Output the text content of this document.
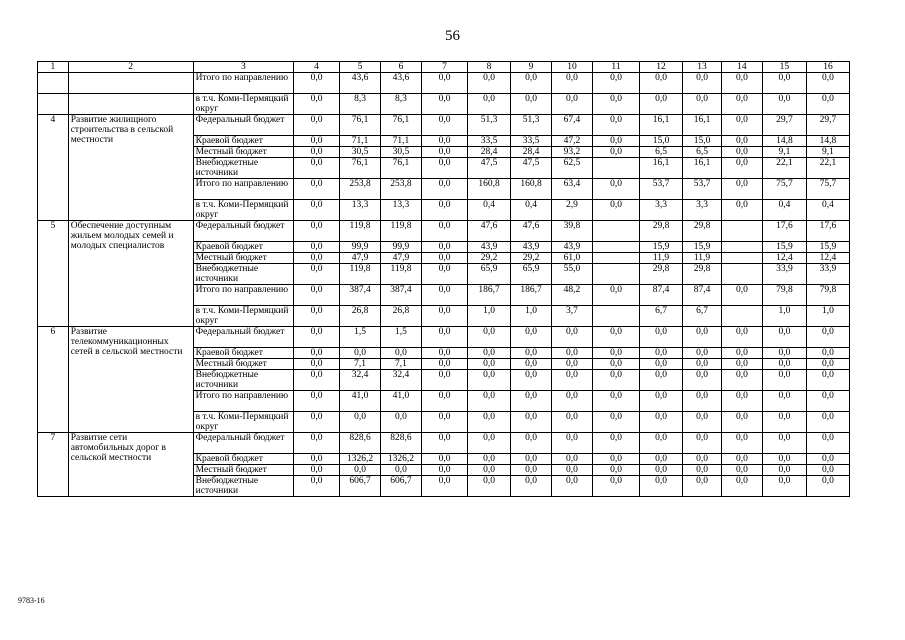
56
1	2	3	4	5	6	7	8	9	10	11	12	13	14	15	16
		Итого по направлению	0,0	43,6	43,6	0,0	0,0	0,0	0,0	0,0	0,0	0,0	0,0	0,0	0,0
		в т.ч. Коми-Пермяцкий округ	0,0	8,3	8,3	0,0	0,0	0,0	0,0	0,0	0,0	0,0	0,0	0,0	0,0
4	Развитие жилищного строительства в сельской местности	Федеральный бюджет	0,0	76,1	76,1	0,0	51,3	51,3	67,4	0,0	16,1	16,1	0,0	29,7	29,7
		Краевой бюджет	0,0	71,1	71,1	0,0	33,5	33,5	47,2	0,0	15,0	15,0	0,0	14,8	14,8
		Местный бюджет	0,0	30,5	30,5	0,0	28,4	28,4	93,2	0,0	6,5	6,5	0,0	9,1	9,1
		Внебюджетные источники	0,0	76,1	76,1	0,0	47,5	47,5	62,5		16,1	16,1	0,0	22,1	22,1
		Итого по направлению	0,0	253,8	253,8	0,0	160,8	160,8	63,4	0,0	53,7	53,7	0,0	75,7	75,7
		в т.ч. Коми-Пермяцкий округ	0,0	13,3	13,3	0,0	0,4	0,4	2,9	0,0	3,3	3,3	0,0	0,4	0,4
5	Обеспечение доступным жильем молодых семей и молодых специалистов	Федеральный бюджет	0,0	119,8	119,8	0,0	47,6	47,6	39,8		29,8	29,8		17,6	17,6
		Краевой бюджет	0,0	99,9	99,9	0,0	43,9	43,9	43,9		15,9	15,9		15,9	15,9
		Местный бюджет	0,0	47,9	47,9	0,0	29,2	29,2	61,0		11,9	11,9		12,4	12,4
		Внебюджетные источники	0,0	119,8	119,8	0,0	65,9	65,9	55,0		29,8	29,8		33,9	33,9
		Итого по направлению	0,0	387,4	387,4	0,0	186,7	186,7	48,2	0,0	87,4	87,4	0,0	79,8	79,8
		в т.ч. Коми-Пермяцкий округ	0,0	26,8	26,8	0,0	1,0	1,0	3,7		6,7	6,7		1,0	1,0
6	Развитие телекоммуникационных сетей в сельской местности	Федеральный бюджет	0,0	1,5	1,5	0,0	0,0	0,0	0,0	0,0	0,0	0,0	0,0	0,0	0,0
		Краевой бюджет	0,0	0,0	0,0	0,0	0,0	0,0	0,0	0,0	0,0	0,0	0,0	0,0	0,0
		Местный бюджет	0,0	7,1	7,1	0,0	0,0	0,0	0,0	0,0	0,0	0,0	0,0	0,0	0,0
		Внебюджетные источники	0,0	32,4	32,4	0,0	0,0	0,0	0,0	0,0	0,0	0,0	0,0	0,0	0,0
		Итого по направлению	0,0	41,0	41,0	0,0	0,0	0,0	0,0	0,0	0,0	0,0	0,0	0,0	0,0
		в т.ч. Коми-Пермяцкий округ	0,0	0,0	0,0	0,0	0,0	0,0	0,0	0,0	0,0	0,0	0,0	0,0	0,0
7	Развитие сети автомобильных дорог в сельской местности	Федеральный бюджет	0,0	828,6	828,6	0,0	0,0	0,0	0,0	0,0	0,0	0,0	0,0	0,0	0,0
		Краевой бюджет	0,0	1326,2	1326,2	0,0	0,0	0,0	0,0	0,0	0,0	0,0	0,0	0,0	0,0
		Местный бюджет	0,0	0,0	0,0	0,0	0,0	0,0	0,0	0,0	0,0	0,0	0,0	0,0	0,0
		Внебюджетные источники	0,0	606,7	606,7	0,0	0,0	0,0	0,0	0,0	0,0	0,0	0,0	0,0	0,0
9783-16
